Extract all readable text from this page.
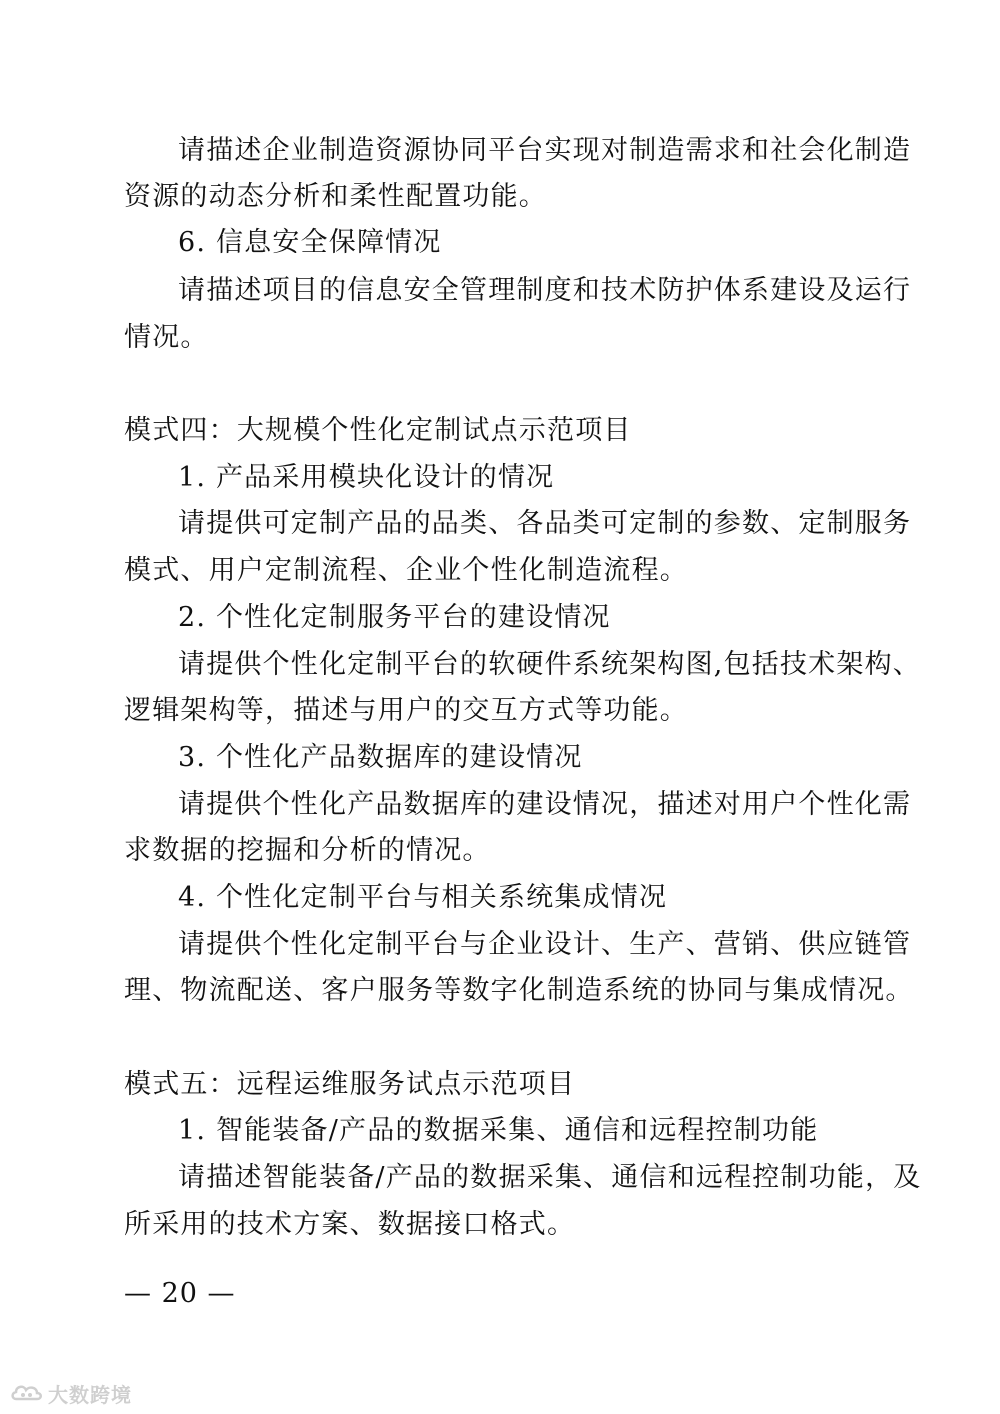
请描述企业制造资源协同平台实现对制造需求和社会化制造
资源的动态分析和柔性配置功能。
6. 信息安全保障情况
请描述项目的信息安全管理制度和技术防护体系建设及运行
情况。
模式四：大规模个性化定制试点示范项目
1. 产品采用模块化设计的情况
请提供可定制产品的品类、各品类可定制的参数、定制服务
模式、用户定制流程、企业个性化制造流程。
2. 个性化定制服务平台的建设情况
请提供个性化定制平台的软硬件系统架构图,包括技术架构、
逻辑架构等，描述与用户的交互方式等功能。
3. 个性化产品数据库的建设情况
请提供个性化产品数据库的建设情况，描述对用户个性化需
求数据的挖掘和分析的情况。
4. 个性化定制平台与相关系统集成情况
请提供个性化定制平台与企业设计、生产、营销、供应链管
理、物流配送、客户服务等数字化制造系统的协同与集成情况。
模式五：远程运维服务试点示范项目
1. 智能装备/产品的数据采集、通信和远程控制功能
请描述智能装备/产品的数据采集、通信和远程控制功能，及
所采用的技术方案、数据接口格式。
— 20 —
大数跨境
